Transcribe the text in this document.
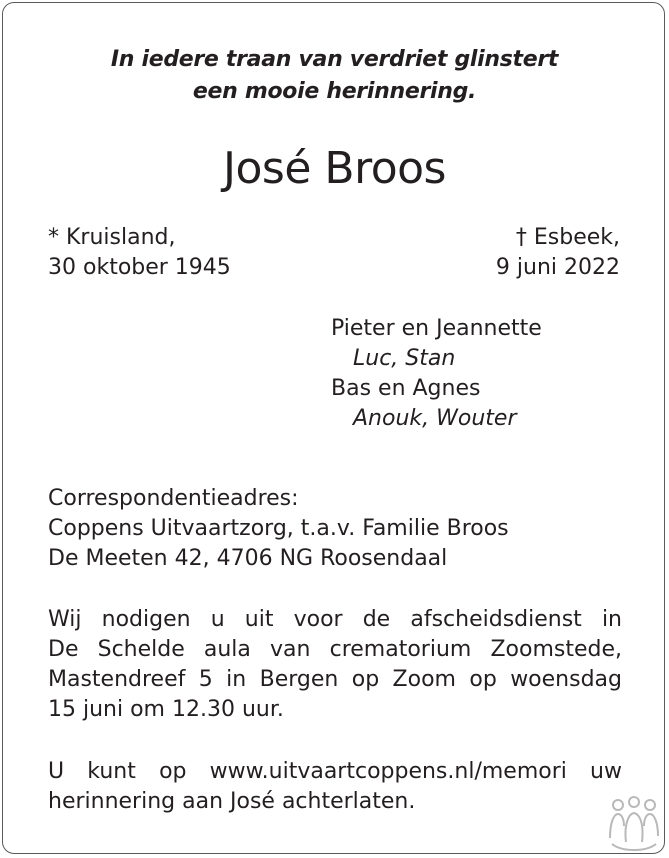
In iedere traan van verdriet glinstert
een mooie herinnering.
José Broos
* Kruisland,
30 oktober 1945
† Esbeek,
9 juni 2022
Pieter en Jeannette
Luc, Stan
Bas en Agnes
Anouk, Wouter
Correspondentieadres:
Coppens Uitvaartzorg, t.a.v. Familie Broos
De Meeten 42, 4706 NG Roosendaal
Wij nodigen u uit voor de afscheidsdienst in
De Schelde aula van crematorium Zoomstede,
Mastendreef 5 in Bergen op Zoom op woensdag
15 juni om 12.30 uur.
U kunt op www.uitvaartcoppens.nl/memori uw
herinnering aan José achterlaten.
